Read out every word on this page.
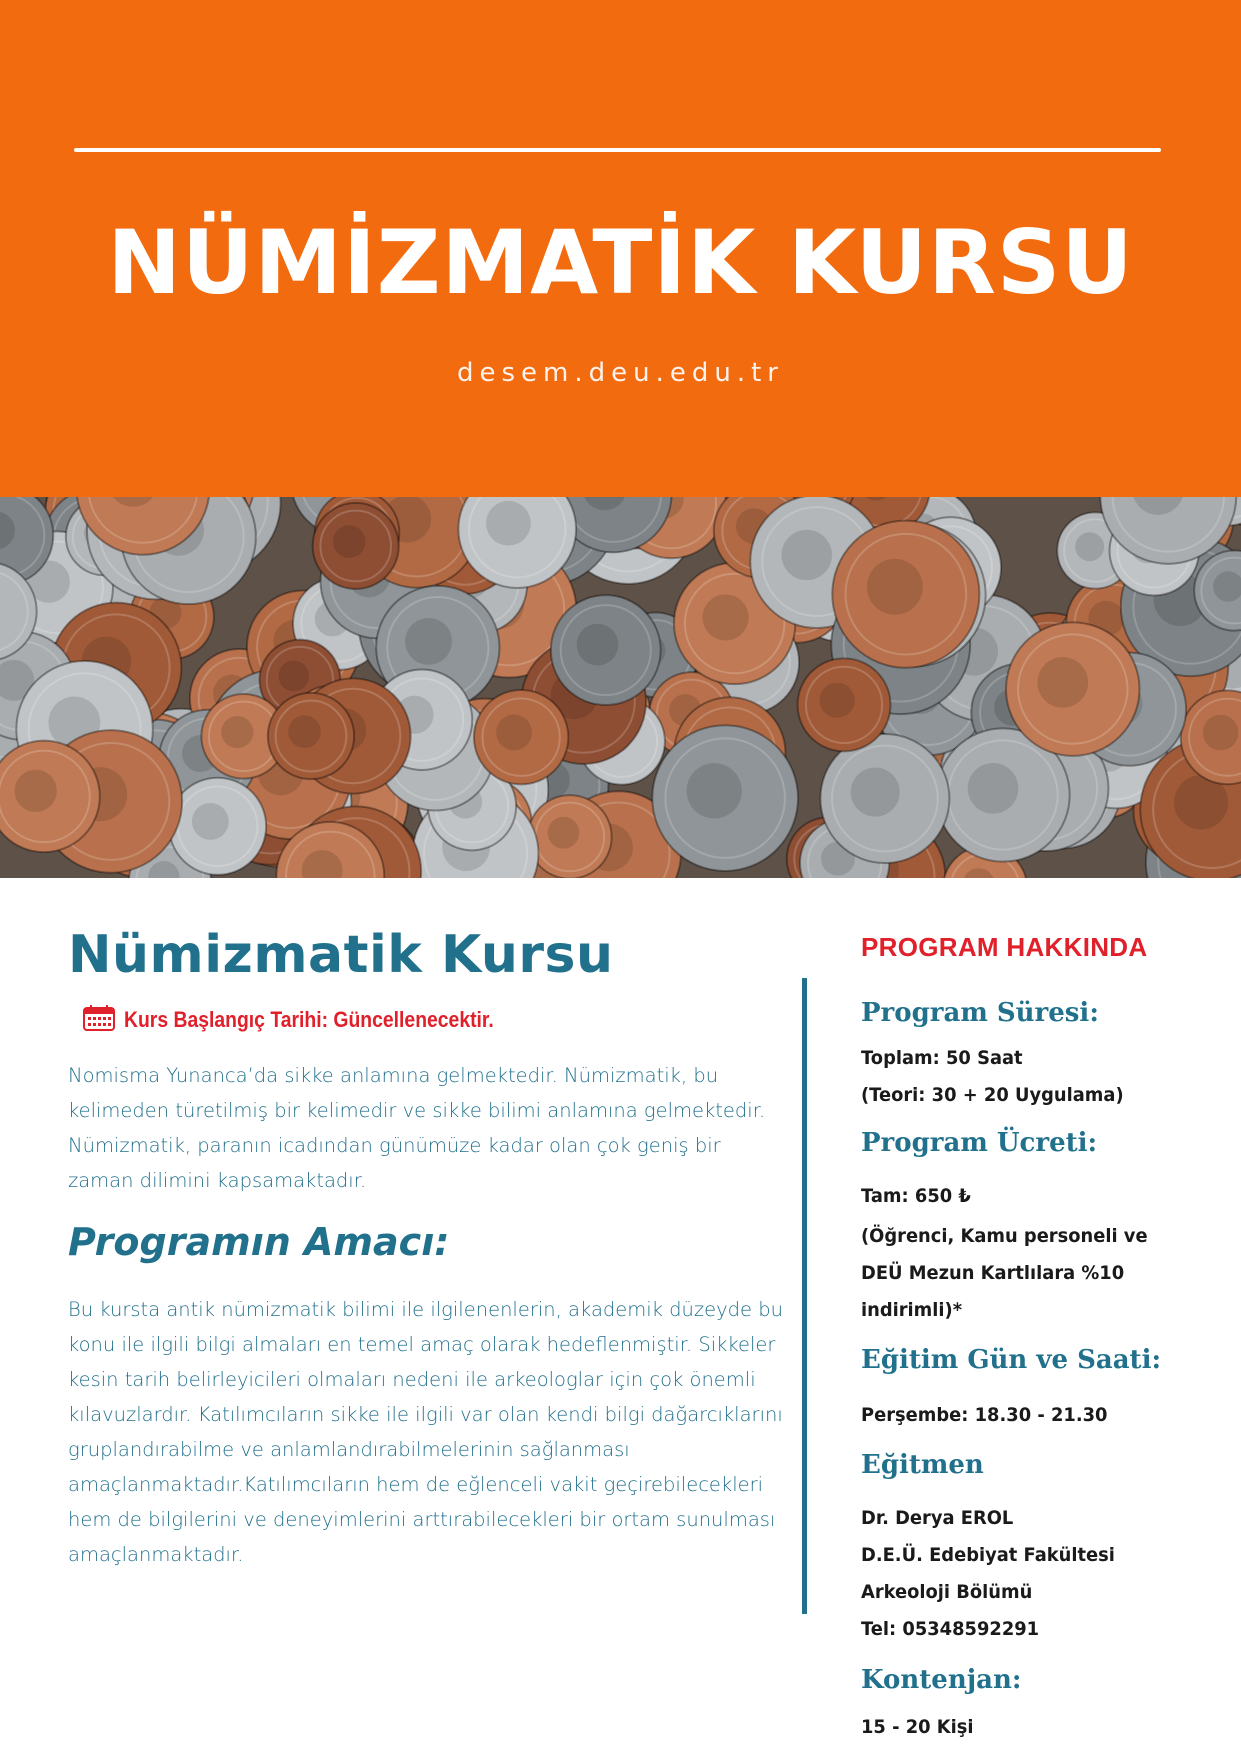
NÜMİZMATİK KURSU
desem.deu.edu.tr
Nümizmatik Kursu
Kurs Başlangıç Tarihi: Güncellenecektir.
Nomisma Yunanca’da sikke anlamına gelmektedir. Nümizmatik, bu kelimeden türetilmiş bir kelimedir ve sikke bilimi anlamına gelmektedir. Nümizmatik, paranın icadından günümüze kadar olan çok geniş bir zaman dilimini kapsamaktadır.
Programın Amacı:
Bu kursta antik nümizmatik bilimi ile ilgilenenlerin, akademik düzeyde bu konu ile ilgili bilgi almaları en temel amaç olarak hedeflenmiştir. Sikkeler kesin tarih belirleyicileri olmaları nedeni ile arkeologlar için çok önemli kılavuzlardır. Katılımcıların sikke ile ilgili var olan kendi bilgi dağarcıklarını gruplandırabilme ve anlamlandırabilmelerinin sağlanması amaçlanmaktadır.Katılımcıların hem de eğlenceli vakit geçirebilecekleri hem de bilgilerini ve deneyimlerini arttırabilecekleri bir ortam sunulması amaçlanmaktadır.
PROGRAM HAKKINDA
Program Süresi:
Toplam: 50 Saat
(Teori: 30 + 20 Uygulama)
Program Ücreti:
Tam: 650 ₺
(Öğrenci, Kamu personeli ve
DEÜ Mezun Kartlılara %10
indirimli)*
Eğitim Gün ve Saati:
Perşembe: 18.30 - 21.30
Eğitmen
Dr. Derya EROL
D.E.Ü. Edebiyat Fakültesi
Arkeoloji Bölümü
Tel: 05348592291
Kontenjan:
15 - 20 Kişi
